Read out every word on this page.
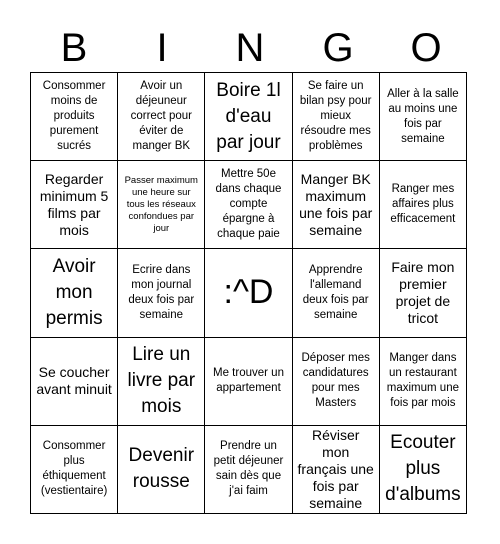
B	I	N	G	O
Consommer moins de produits purement sucrés
Avoir un déjeuneur correct pour éviter de manger BK
Boire 1l d'eau par jour
Se faire un bilan psy pour mieux résoudre mes problèmes
Aller à la salle au moins une fois par semaine
Regarder minimum 5 films par mois
Passer maximum une heure sur tous les réseaux confondues par jour
Mettre 50e dans chaque compte épargne à chaque paie
Manger BK maximum une fois par semaine
Ranger mes affaires plus efficacement
Avoir mon permis
Ecrire dans mon journal deux fois par semaine
:^D
Apprendre l'allemand deux fois par semaine
Faire mon premier projet de tricot
Se coucher avant minuit
Lire un livre par mois
Me trouver un appartement
Déposer mes candidatures pour mes Masters
Manger dans un restaurant maximum une fois par mois
Consommer plus éthiquement (vestientaire)
Devenir rousse
Prendre un petit déjeuner sain dès que j'ai faim
Réviser mon français une fois par semaine
Ecouter plus d'albums
